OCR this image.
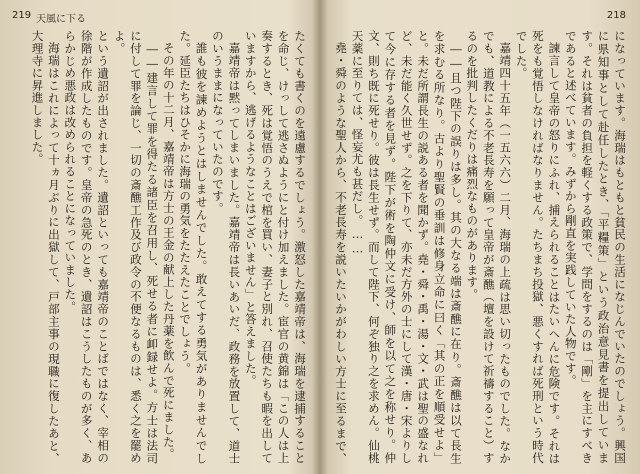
219 天風に下る

たくても書くのを遠慮するでしょう。激怒した嘉靖帝は、海瑞を逮捕することを命じ、けっして逃さぬようにと付け加えました。宦官の黄錦は「この人は上奏するとき、死は覚悟のうえで棺を買い、妻子と別れ、召使たちも暇を出していますから、逃げるようなことはございません」と答えました。

嘉靖帝は黙ってしまいました。嘉靖帝は長いあいだ、政務を放置して、道士のいうままになっていたのです。

誰も彼を諫めようとはしませんでした。敢えてする勇気がありませんでした。延臣たちはひそかに海瑞の勇気をたたえたことでしょう。

その年の十二月、嘉靖帝は方士の王金の献上した丹薬を飲んで死にました。

――建言して罪を得たる諸臣を召用し、死せる者に卹録せよ。方士は法司に付して罪を論じ、一切の斎醮工作及び政令の不便なるものは、悉く之を罷めよ。

という遺詔が出されました。遺詔といっても嘉靖帝のことばではなく、宰相の徐階が作成したものです。皇帝の急死のとき、遺詔はこうしたものが多く、あらかじめ悪政は改められることになっていました。

海瑞はこれによって十ヵ月ぶりに出獄して、戸部主事の現職に復したあと、大理寺に昇進しました。

218

になっています。海瑞はもともと貧民の生活になじんでいたのでしょう。興国に県知事として赴任したとき、「平糧策」という政治意見書を提出しています。それは貧者の負担を軽くする政策で、学問をするのは「剛」を主にすべきであると述べています。みずから剛直を実践していた人物です。

諫言して皇帝の怒りにふれ、捕えられることはたいへんに危険です。それは死をも覚悟しなければなりません。たちまち投獄、悪くすれば死刑という時代でした。

嘉靖四十五年（一五六六）二月、海瑞の上疏は思い切ったものでした。なかでも、道教による不老長寿を願って皇帝が斎醮（壇を設けて祈禱すること）するのを批判したくだりは痛烈なものがあります。

――且つ陛下の誤りは多し。其の大なる端は斎醮に在り。斎醮は以て長生を求むる所なり。古より聖賢の垂訓は修身立命に曰く「其の正を順受せよ」と。未だ所謂長生の説ある者を聞かず。堯・舜・禹・湯・文・武は聖の盛なれど、未だ能く久世せず。之を下りて、亦未だ方外の士にして漢・唐・宋よりして今に存する者を見ず。陛下が術を陶仲文に受け、師を以て之を称せり。仲文、則ち既に死せり。彼は長生せず。而して陛下、何ぞ独り之を求めん。仙桃天薬に至りては、怪妄尤も甚だし。……

堯・舜のような聖人から、不老長寿を説いたいかがわしい方士に至るまで、
